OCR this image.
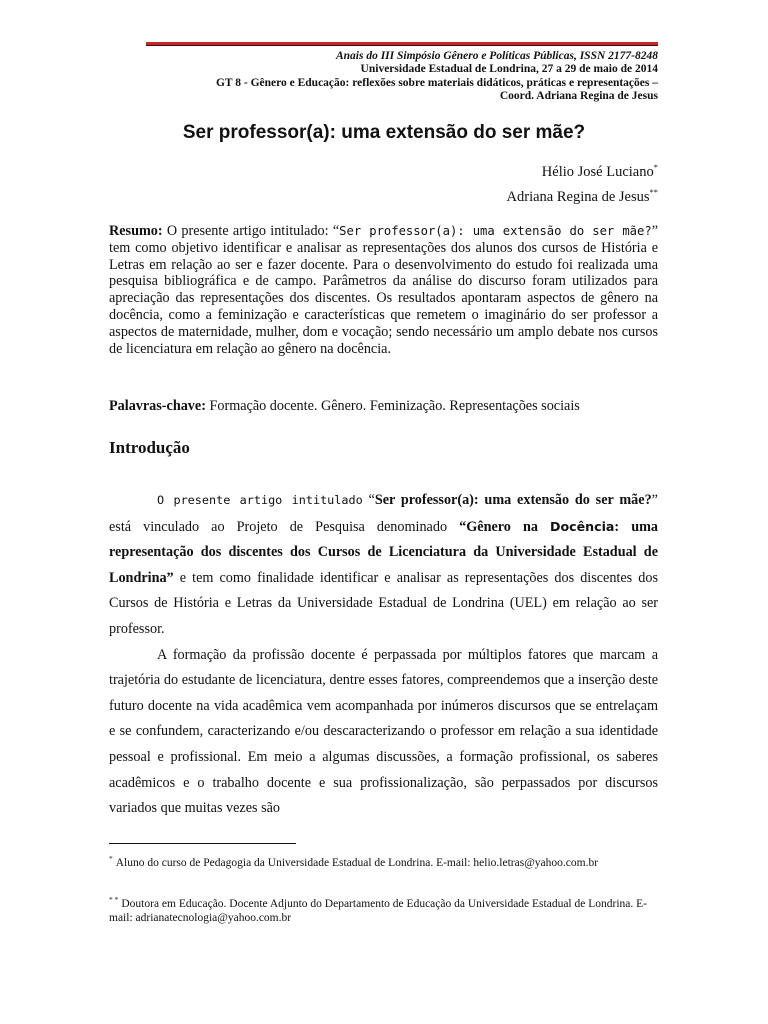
Anais do III Simpósio Gênero e Políticas Públicas, ISSN 2177-8248
Universidade Estadual de Londrina, 27 a 29 de maio de 2014
GT 8 - Gênero e Educação: reflexões sobre materiais didáticos, práticas e representações –
Coord. Adriana Regina de Jesus
Ser professor(a): uma extensão do ser mãe?
Hélio José Luciano*
Adriana Regina de Jesus**
Resumo: O presente artigo intitulado: “Ser professor(a): uma extensão do ser mãe?” tem como objetivo identificar e analisar as representações dos alunos dos cursos de História e Letras em relação ao ser e fazer docente. Para o desenvolvimento do estudo foi realizada uma pesquisa bibliográfica e de campo. Parâmetros da análise do discurso foram utilizados para apreciação das representações dos discentes. Os resultados apontaram aspectos de gênero na docência, como a feminização e características que remetem o imaginário do ser professor a aspectos de maternidade, mulher, dom e vocação; sendo necessário um amplo debate nos cursos de licenciatura em relação ao gênero na docência.
Palavras-chave: Formação docente. Gênero. Feminização. Representações sociais
Introdução

O presente artigo intitulado “Ser professor(a): uma extensão do ser mãe?” está vinculado ao Projeto de Pesquisa denominado “Gênero na Docência: uma representação dos discentes dos Cursos de Licenciatura da Universidade Estadual de Londrina” e tem como finalidade identificar e analisar as representações dos discentes dos Cursos de História e Letras da Universidade Estadual de Londrina (UEL) em relação ao ser professor.

A formação da profissão docente é perpassada por múltiplos fatores que marcam a trajetória do estudante de licenciatura, dentre esses fatores, compreendemos que a inserção deste futuro docente na vida acadêmica vem acompanhada por inúmeros discursos que se entrelaçam e se confundem, caracterizando e/ou descaracterizando o professor em relação a sua identidade pessoal e profissional. Em meio a algumas discussões, a formação profissional, os saberes acadêmicos e o trabalho docente e sua profissionalização, são perpassados por discursos variados que muitas vezes são

* Aluno do curso de Pedagogia da Universidade Estadual de Londrina. E-mail: helio.letras@yahoo.com.br
* * Doutora em Educação. Docente Adjunto do Departamento de Educação da Universidade Estadual de Londrina. E-mail: adrianatecnologia@yahoo.com.br
